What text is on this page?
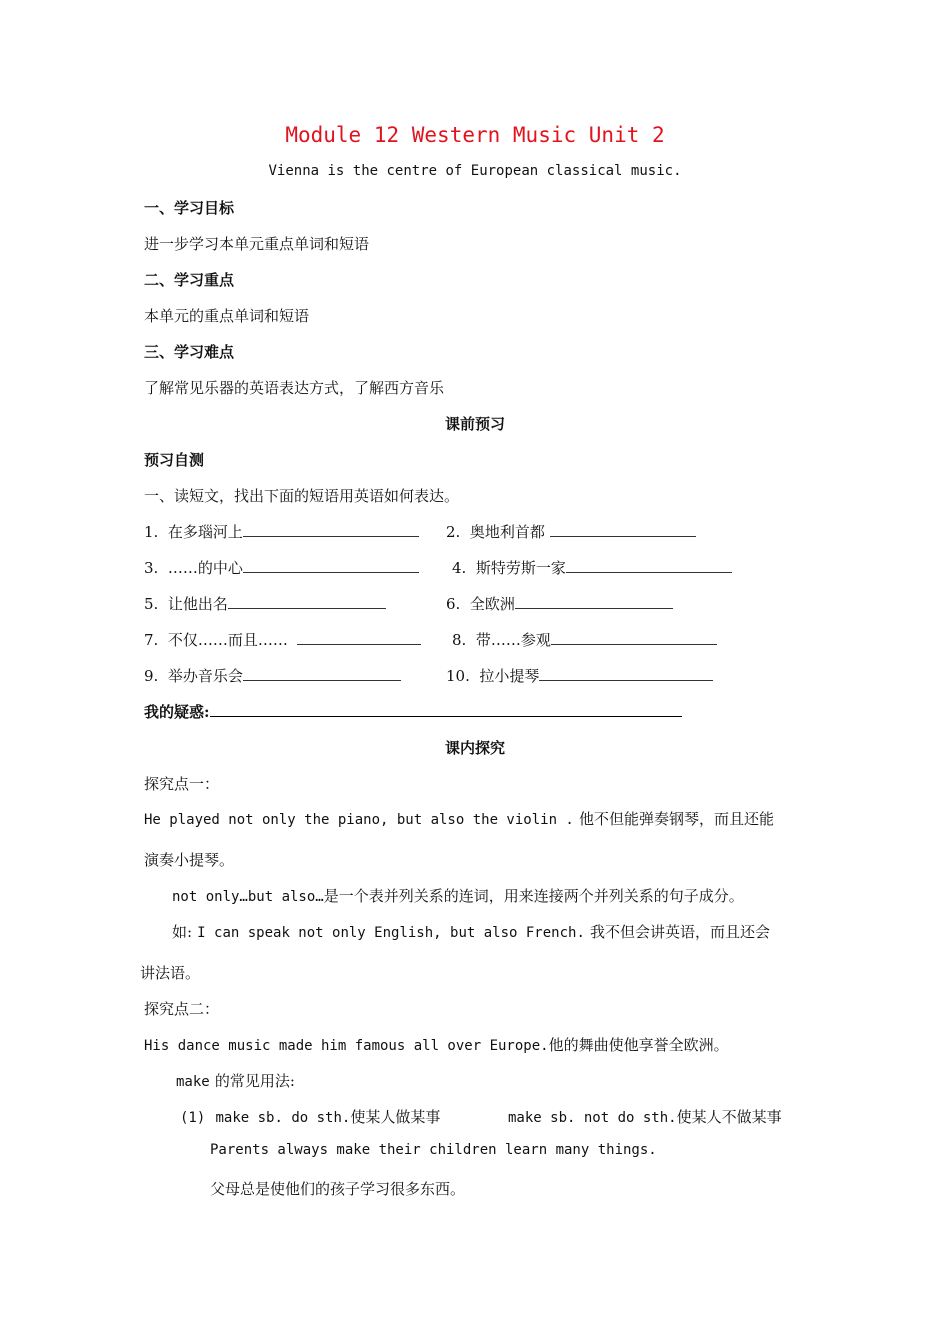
Module 12 Western Music Unit 2
Vienna is the centre of European classical music.
一、学习目标
进一步学习本单元重点单词和短语
二、学习重点
本单元的重点单词和短语
三、学习难点
了解常见乐器的英语表达方式，了解西方音乐
课前预习
预习自测
一、读短文，找出下面的短语用英语如何表达。
1. 在多瑙河上	2. 奥地利首都
3. ……的中心	4. 斯特劳斯一家
5. 让他出名	6. 全欧洲
7. 不仅……而且……	8. 带……参观
9. 举办音乐会	10. 拉小提琴
我的疑惑:
课内探究
探究点一：
He played not only the piano, but also the violin . 他不但能弹奏钢琴，而且还能
演奏小提琴。
not only…but also…是一个表并列关系的连词，用来连接两个并列关系的句子成分。
如: I can speak not only English, but also French. 我不但会讲英语，而且还会
讲法语。
探究点二：
His dance music made him famous all over Europe.他的舞曲使他享誉全欧洲。
make 的常见用法:
(1) make sb. do sth.使某人做某事	make sb. not do sth.使某人不做某事
Parents always make their children learn many things.
父母总是使他们的孩子学习很多东西。
